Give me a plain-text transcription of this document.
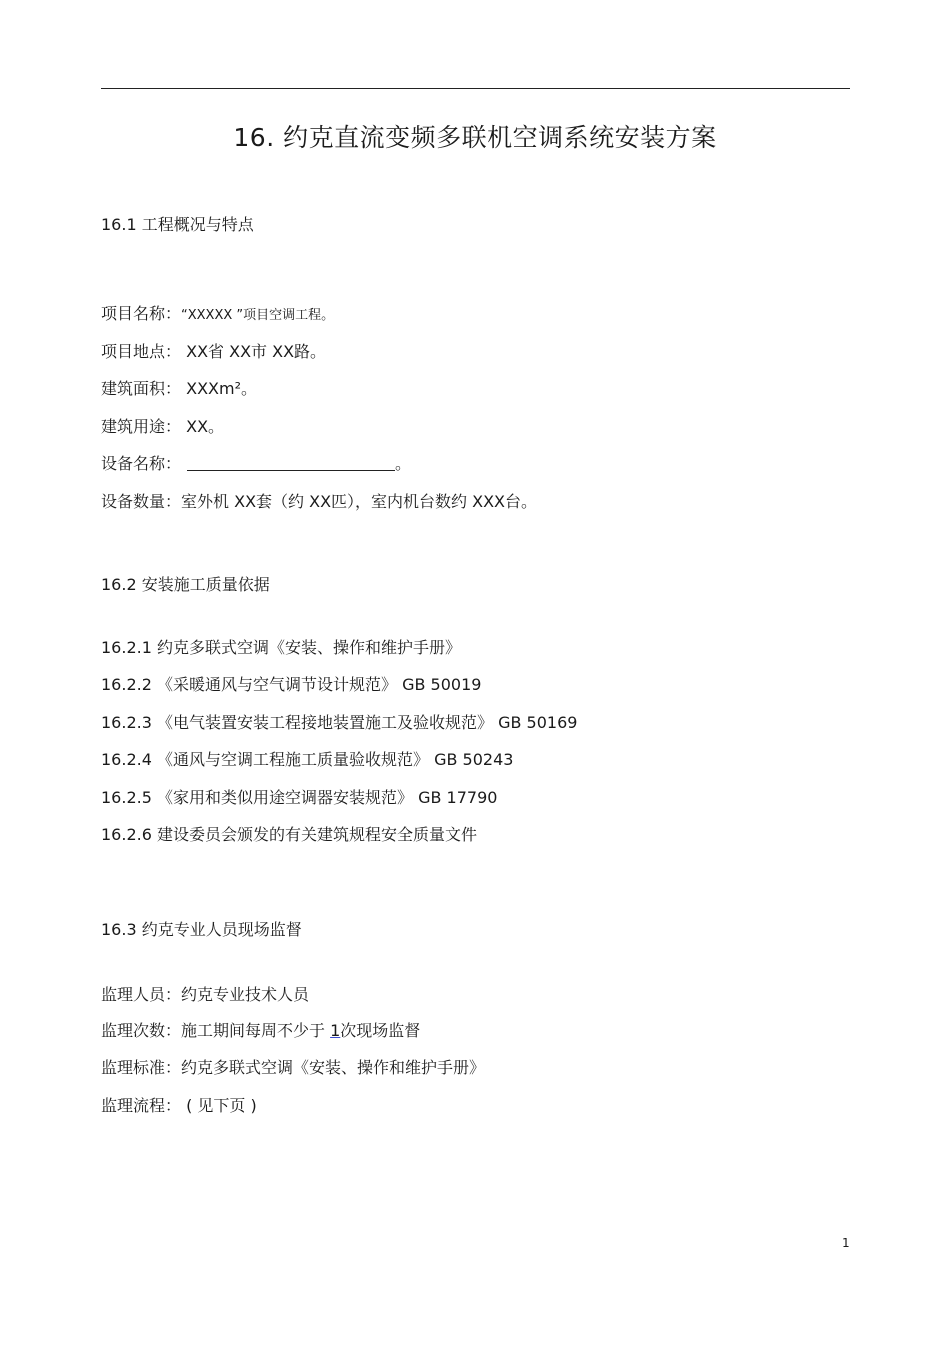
16. 约克直流变频多联机空调系统安装方案
16.1 工程概况与特点
项目名称：“XXXXX ”项目空调工程。
项目地点： XX省 XX市 XX路。
建筑面积： XXXm²。
建筑用途： XX。
设备名称：	。
设备数量：室外机 XX套（约 XX匹），室内机台数约 XXX台。
16.2 安装施工质量依据
16.2.1 约克多联式空调《安装、操作和维护手册》
16.2.2 《采暖通风与空气调节设计规范》 GB 50019
16.2.3 《电气装置安装工程接地装置施工及验收规范》 GB 50169
16.2.4 《通风与空调工程施工质量验收规范》 GB 50243
16.2.5 《家用和类似用途空调器安装规范》 GB 17790
16.2.6 建设委员会颁发的有关建筑规程安全质量文件
16.3 约克专业人员现场监督
监理人员：约克专业技术人员
监理次数：施工期间每周不少于 1次现场监督
监理标准：约克多联式空调《安装、操作和维护手册》
监理流程： ( 见下页 )
1
